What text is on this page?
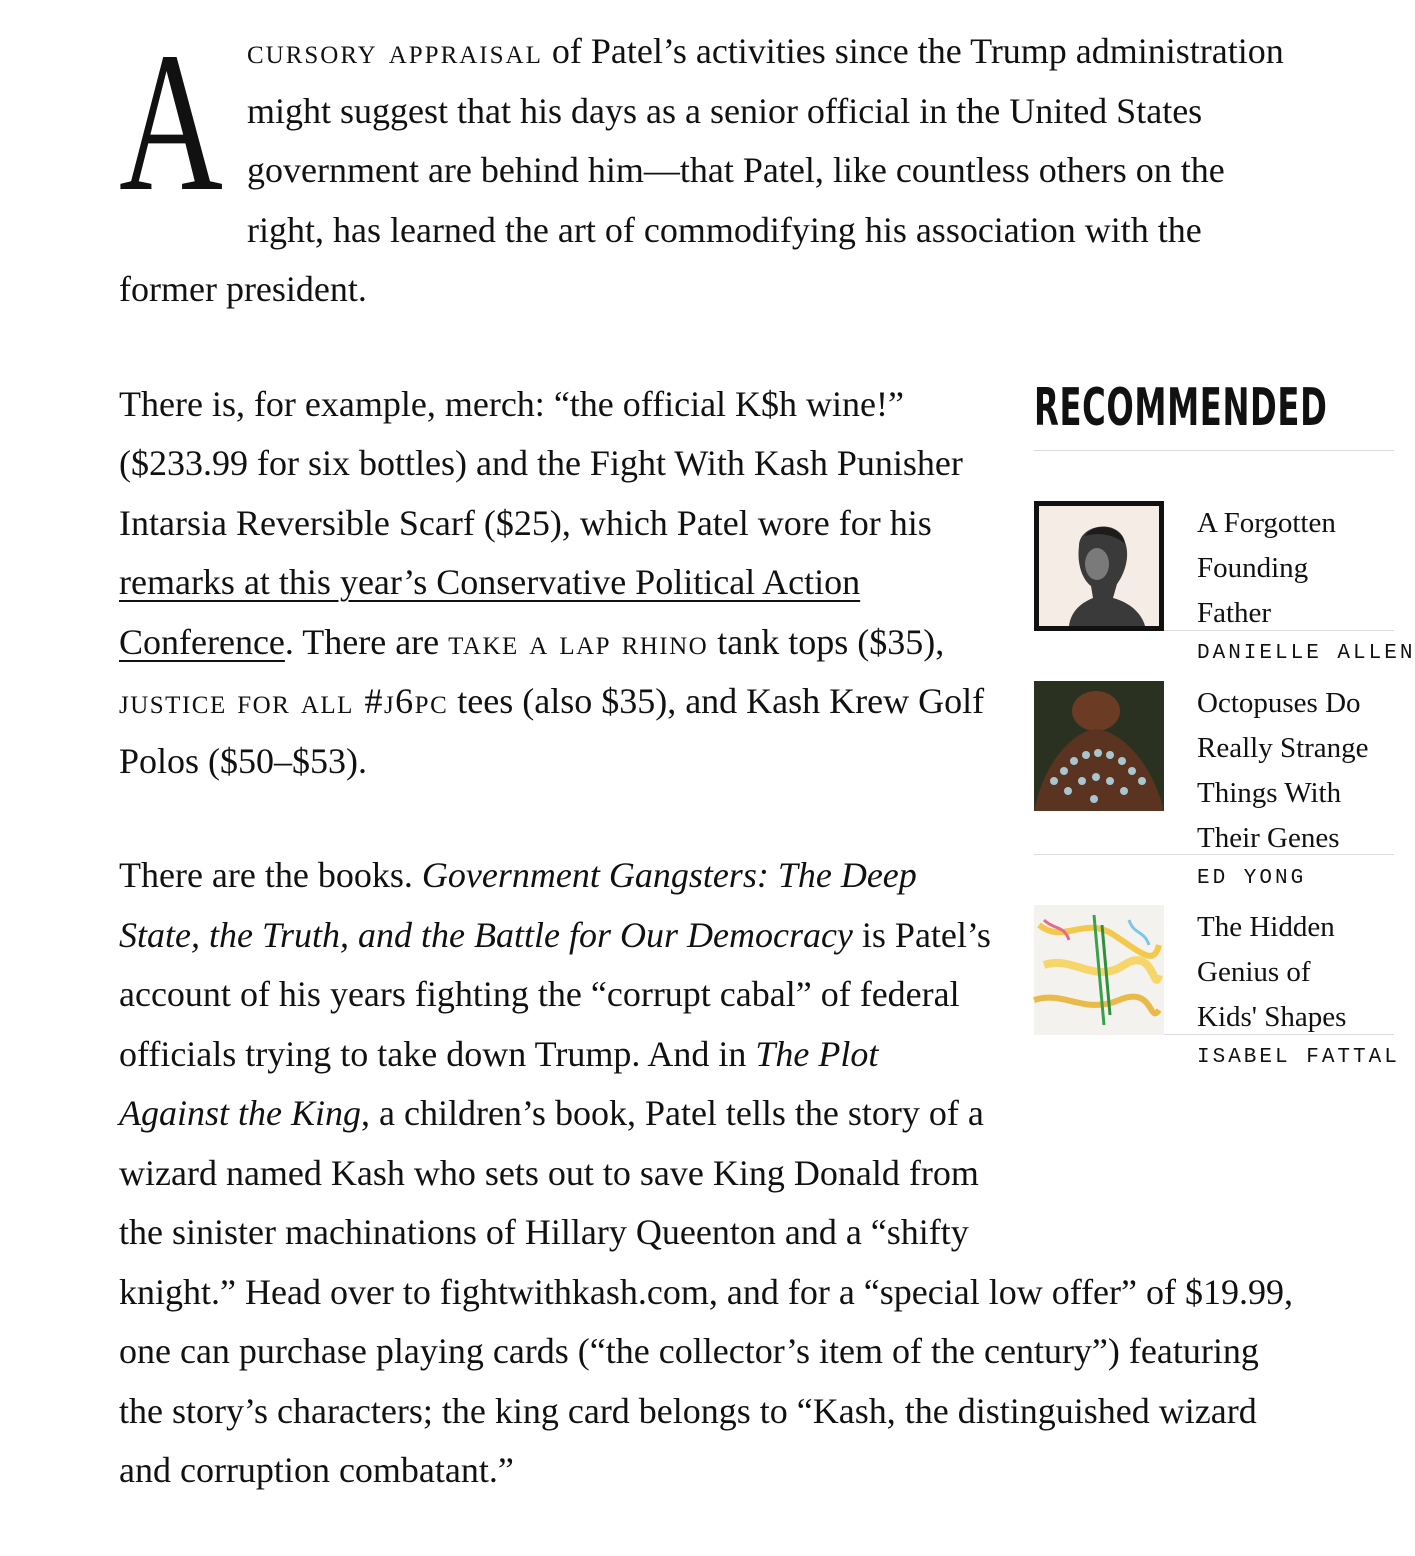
RECOMMENDED
A Forgotten Founding Father
DANIELLE ALLEN
Octopuses Do Really Strange Things With Their Genes
ED YONG
The Hidden Genius of Kids' Shapes
ISABEL FATTAL

Acursory appraisal of Patel’s activities since the Trump administration might suggest that his days as a senior official in the United States government are behind him—that Patel, like countless others on the right, has learned the art of commodifying his association with the former president.

There is, for example, merch: “the official K$h wine!” ($233.99 for six bottles) and the Fight With Kash Punisher Intarsia Reversible Scarf ($25), which Patel wore for his remarks at this year’s Conservative Political Action Conference. There are take a lap rhino tank tops ($35), justice for all #j6pc tees (also $35), and Kash Krew Golf Polos ($50–$53).

There are the books. Government Gangsters: The Deep State, the Truth, and the Battle for Our Democracy is Patel’s account of his years fighting the “corrupt cabal” of federal officials trying to take down Trump. And in The Plot Against the King, a children’s book, Patel tells the story of a wizard named Kash who sets out to save King Donald from the sinister machinations of Hillary Queenton and a “shifty knight.” Head over to fightwithkash.com, and for a “special low offer” of $19.99, one can purchase playing cards (“the collector’s item of the century”) featuring the story’s characters; the king card belongs to “Kash, the distinguished wizard and corruption combatant.”
